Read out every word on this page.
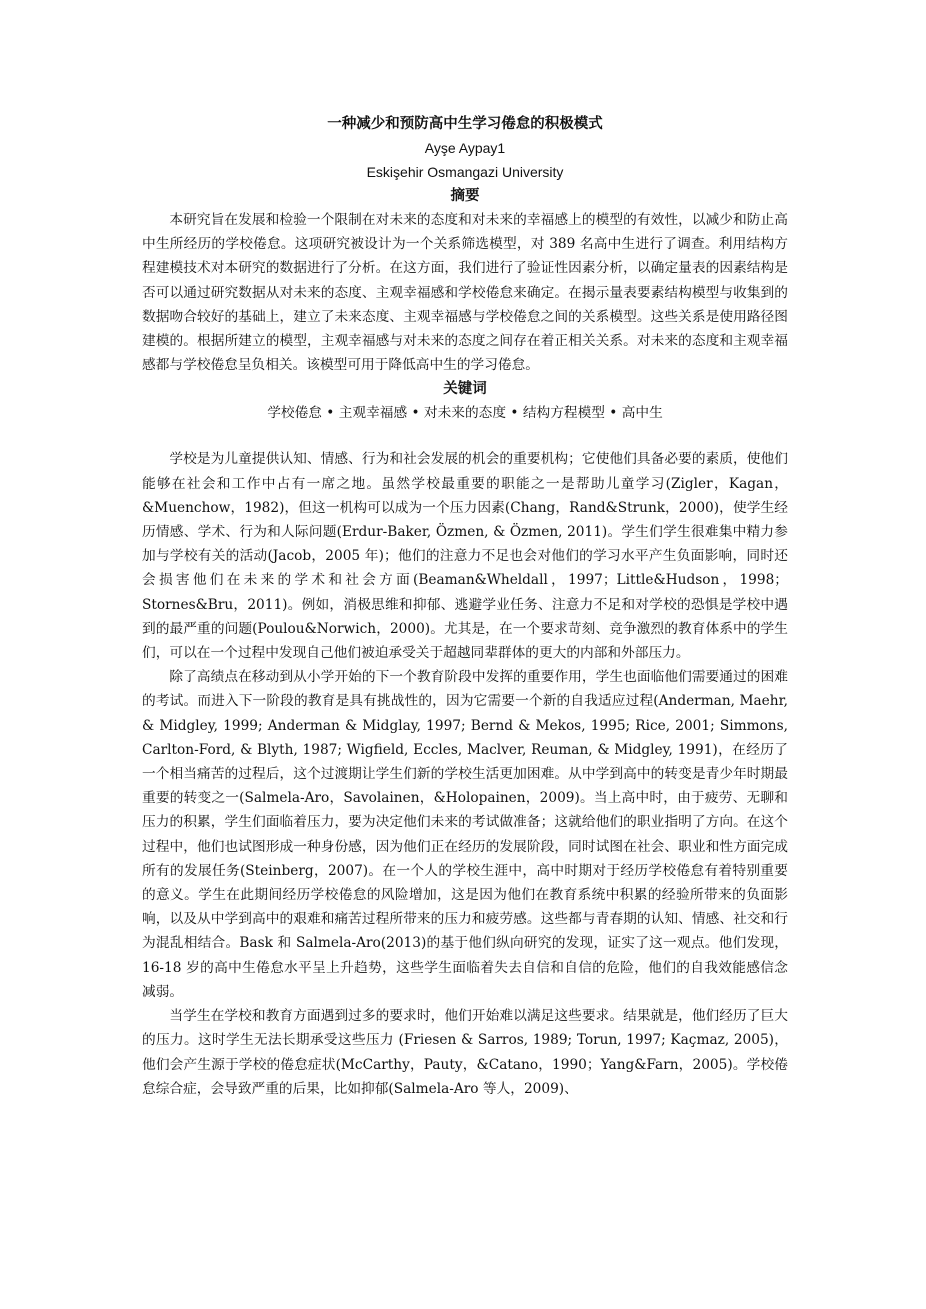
一种减少和预防高中生学习倦怠的积极模式

Ayşe Aypay1

Eskişehir Osmangazi University

摘要

本研究旨在发展和检验一个限制在对未来的态度和对未来的幸福感上的模型的有效性，以减少和防止高中生所经历的学校倦怠。这项研究被设计为一个关系筛选模型，对 389 名高中生进行了调查。利用结构方程建模技术对本研究的数据进行了分析。在这方面，我们进行了验证性因素分析，以确定量表的因素结构是否可以通过研究数据从对未来的态度、主观幸福感和学校倦怠来确定。在揭示量表要素结构模型与收集到的数据吻合较好的基础上，建立了未来态度、主观幸福感与学校倦怠之间的关系模型。这些关系是使用路径图建模的。根据所建立的模型，主观幸福感与对未来的态度之间存在着正相关关系。对未来的态度和主观幸福感都与学校倦怠呈负相关。该模型可用于降低高中生的学习倦怠。

关键词

学校倦怠 • 主观幸福感 • 对未来的态度 • 结构方程模型 • 高中生

学校是为儿童提供认知、情感、行为和社会发展的机会的重要机构；它使他们具备必要的素质，使他们能够在社会和工作中占有一席之地。虽然学校最重要的职能之一是帮助儿童学习(Zigler，Kagan，&Muenchow，1982)，但这一机构可以成为一个压力因素(Chang，Rand&Strunk，2000)，使学生经历情感、学术、行为和人际问题(Erdur-Baker, Özmen, & Özmen, 2011)。学生们学生很难集中精力参加与学校有关的活动(Jacob，2005 年)；他们的注意力不足也会对他们的学习水平产生负面影响，同时还会损害他们在未来的学术和社会方面(Beaman&Wheldall，1997；Little&Hudson，1998；Stornes&Bru，2011)。例如，消极思维和抑郁、逃避学业任务、注意力不足和对学校的恐惧是学校中遇到的最严重的问题(Poulou&Norwich，2000)。尤其是，在一个要求苛刻、竞争激烈的教育体系中的学生们，可以在一个过程中发现自己他们被迫承受关于超越同辈群体的更大的内部和外部压力。

除了高绩点在移动到从小学开始的下一个教育阶段中发挥的重要作用，学生也面临他们需要通过的困难的考试。而进入下一阶段的教育是具有挑战性的，因为它需要一个新的自我适应过程(Anderman, Maehr, & Midgley, 1999; Anderman & Midglay, 1997; Bernd & Mekos, 1995; Rice, 2001; Simmons, Carlton-Ford, & Blyth, 1987; Wigfield, Eccles, Maclver, Reuman, & Midgley, 1991)，在经历了一个相当痛苦的过程后，这个过渡期让学生们新的学校生活更加困难。从中学到高中的转变是青少年时期最重要的转变之一(Salmela-Aro，Savolainen，&Holopainen，2009)。当上高中时，由于疲劳、无聊和压力的积累，学生们面临着压力，要为决定他们未来的考试做准备；这就给他们的职业指明了方向。在这个过程中，他们也试图形成一种身份感，因为他们正在经历的发展阶段，同时试图在社会、职业和性方面完成所有的发展任务(Steinberg，2007)。在一个人的学校生涯中，高中时期对于经历学校倦怠有着特别重要的意义。学生在此期间经历学校倦怠的风险增加，这是因为他们在教育系统中积累的经验所带来的负面影响，以及从中学到高中的艰难和痛苦过程所带来的压力和疲劳感。这些都与青春期的认知、情感、社交和行为混乱相结合。Bask 和 Salmela-Aro(2013)的基于他们纵向研究的发现，证实了这一观点。他们发现，16-18 岁的高中生倦怠水平呈上升趋势，这些学生面临着失去自信和自信的危险，他们的自我效能感信念减弱。

当学生在学校和教育方面遇到过多的要求时，他们开始难以满足这些要求。结果就是，他们经历了巨大的压力。这时学生无法长期承受这些压力 (Friesen & Sarros, 1989; Torun, 1997; Kaçmaz, 2005)，他们会产生源于学校的倦怠症状(McCarthy，Pauty，&Catano，1990；Yang&Farn，2005)。学校倦怠综合症，会导致严重的后果，比如抑郁(Salmela-Aro 等人，2009)、
